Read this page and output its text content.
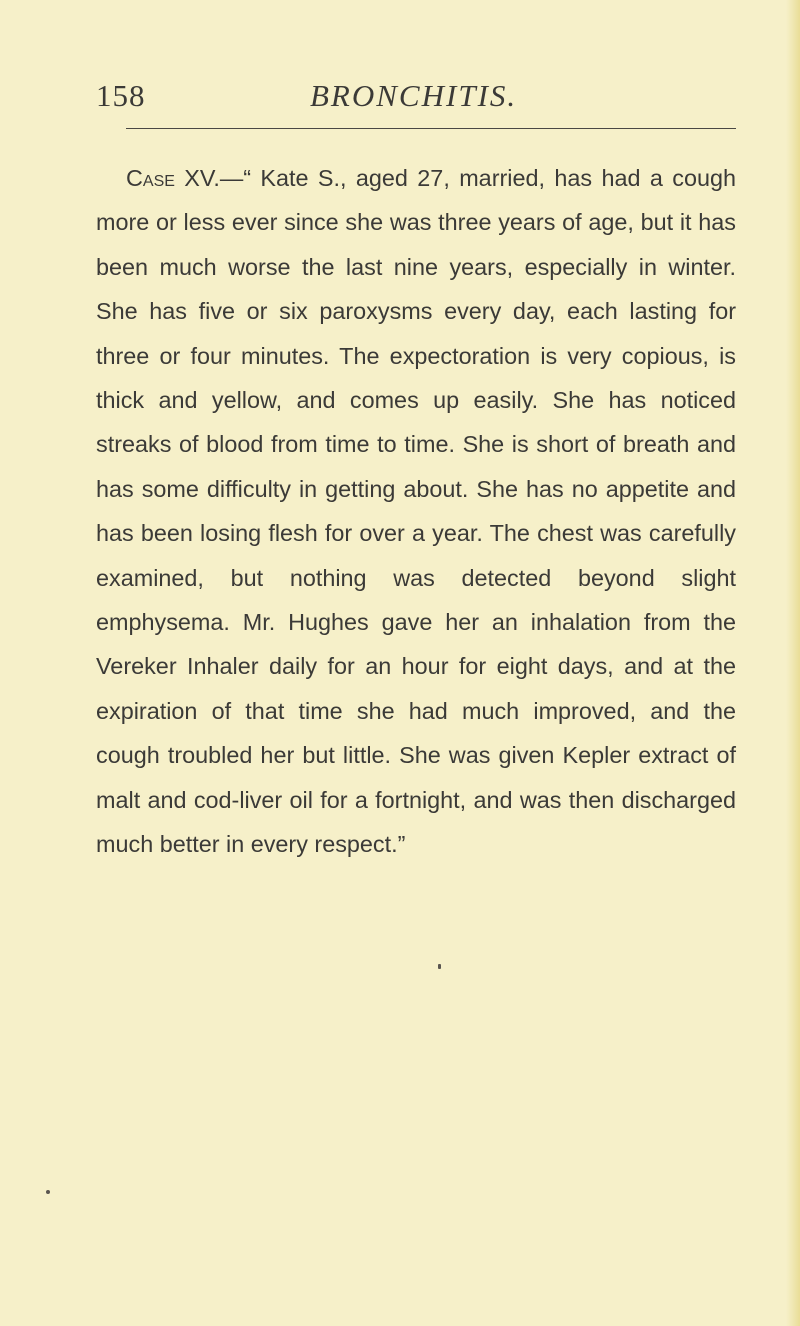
158	BRONCHITIS.

Case XV.—“ Kate S., aged 27, married, has had a cough more or less ever since she was three years of age, but it has been much worse the last nine years, especially in winter. She has five or six paroxysms every day, each lasting for three or four minutes. The expectoration is very copious, is thick and yellow, and comes up easily. She has noticed streaks of blood from time to time. She is short of breath and has some difficulty in getting about. She has no appetite and has been losing flesh for over a year. The chest was carefully examined, but nothing was detected beyond slight emphysema. Mr. Hughes gave her an inhalation from the Vereker Inhaler daily for an hour for eight days, and at the expiration of that time she had much improved, and the cough troubled her but little. She was given Kepler extract of malt and cod-liver oil for a fortnight, and was then discharged much better in every respect.”
